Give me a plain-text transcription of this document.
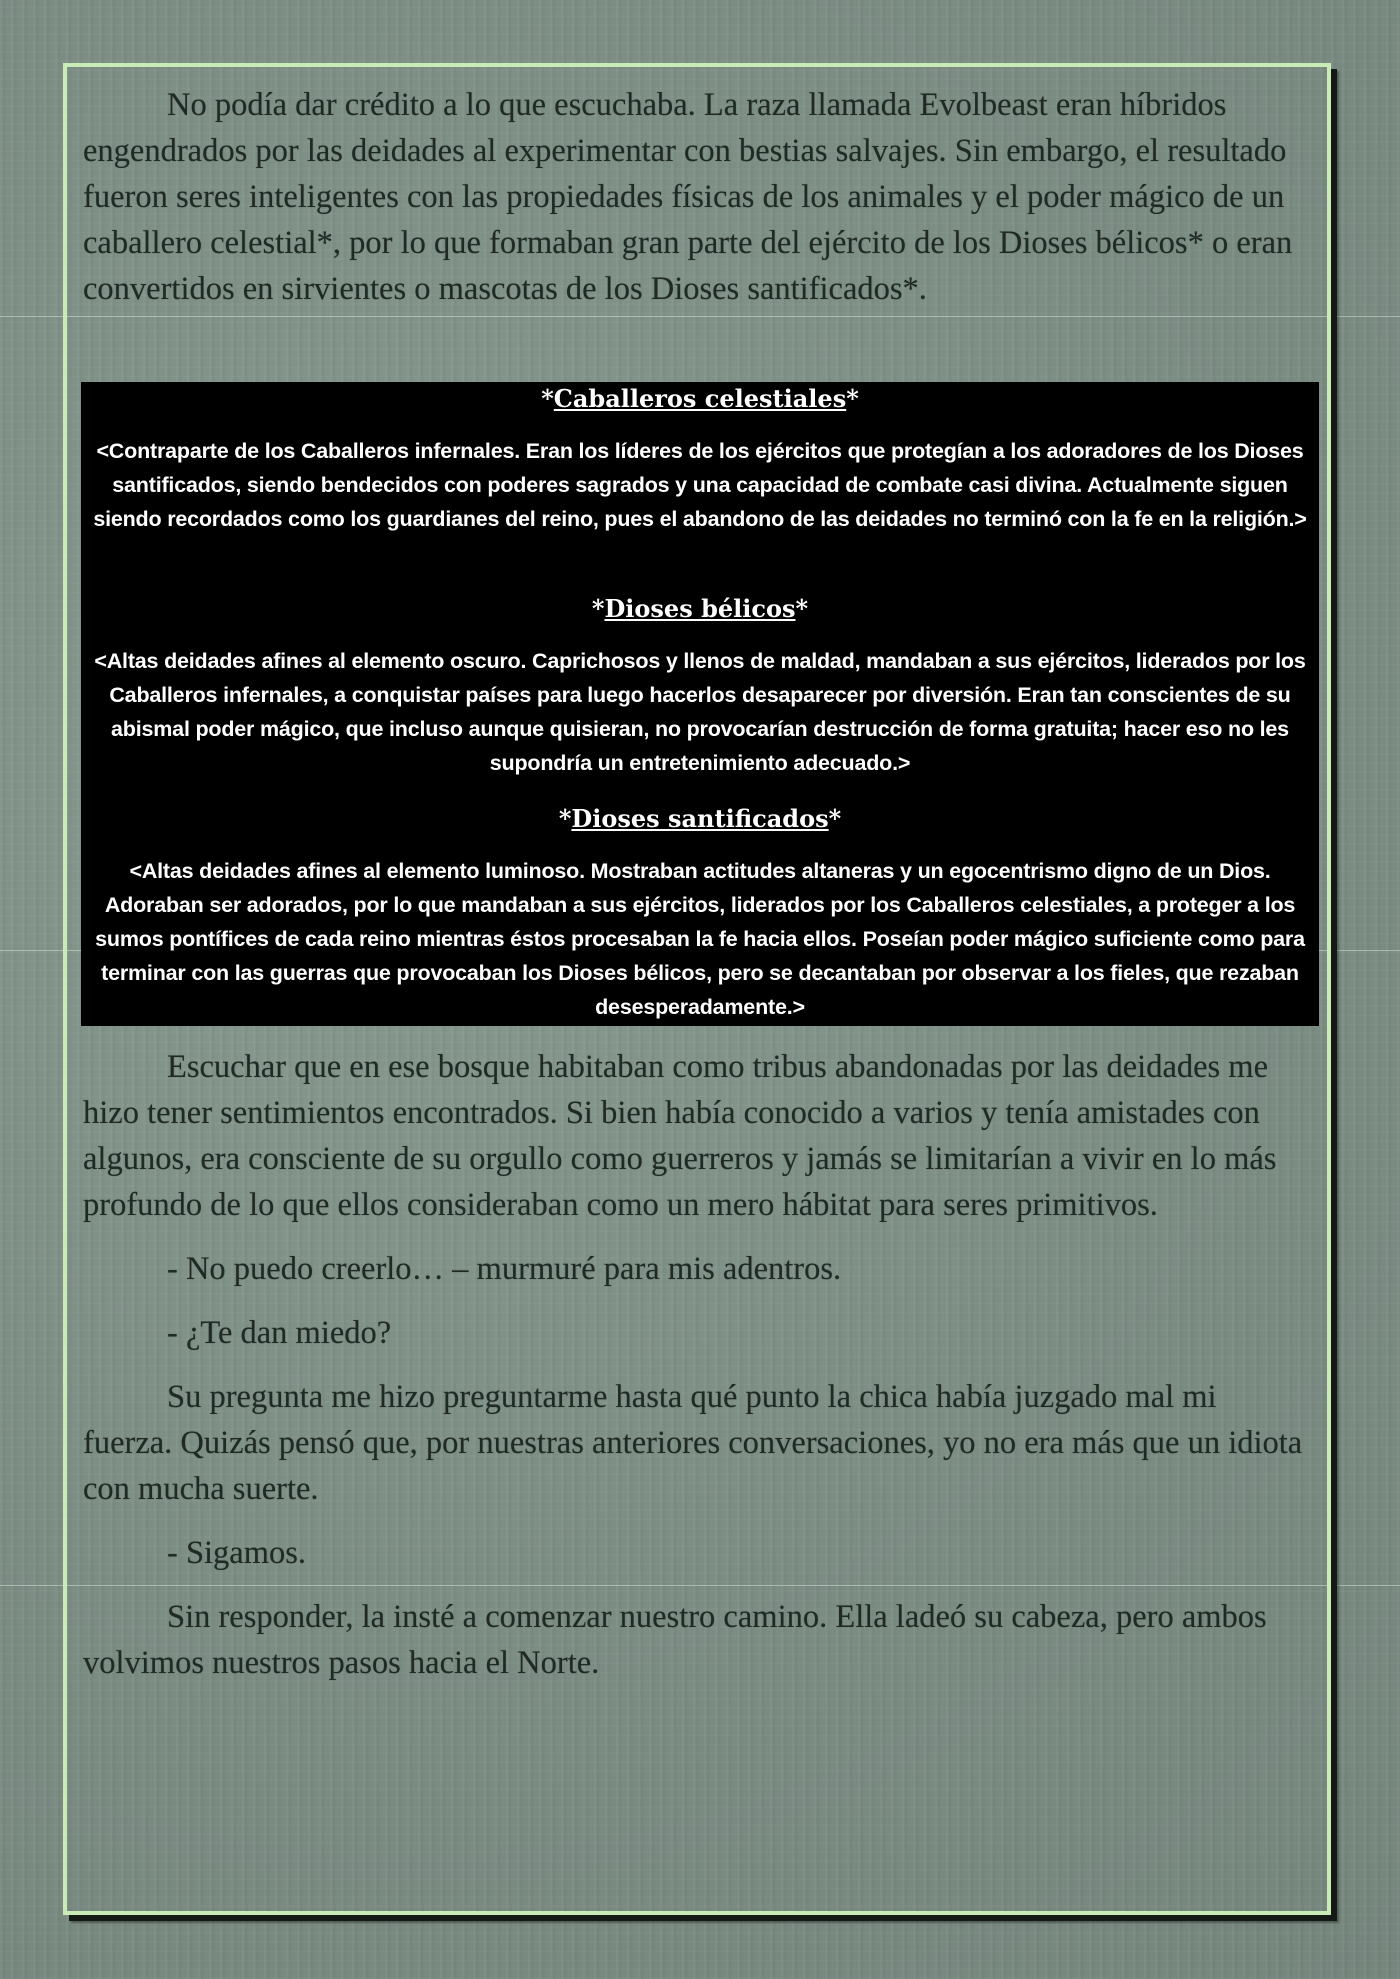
No podía dar crédito a lo que escuchaba. La raza llamada Evolbeast eran híbridos engendrados por las deidades al experimentar con bestias salvajes. Sin embargo, el resultado fueron seres inteligentes con las propiedades físicas de los animales y el poder mágico de un caballero celestial*, por lo que formaban gran parte del ejército de los Dioses bélicos* o eran convertidos en sirvientes o mascotas de los Dioses santificados*.

*Caballeros celestiales*

<Contraparte de los Caballeros infernales. Eran los líderes de los ejércitos que protegían a los adoradores de los Dioses santificados, siendo bendecidos con poderes sagrados y una capacidad de combate casi divina. Actualmente siguen siendo recordados como los guardianes del reino, pues el abandono de las deidades no terminó con la fe en la religión.>

*Dioses bélicos*

<Altas deidades afines al elemento oscuro. Caprichosos y llenos de maldad, mandaban a sus ejércitos, liderados por los Caballeros infernales, a conquistar países para luego hacerlos desaparecer por diversión. Eran tan conscientes de su abismal poder mágico, que incluso aunque quisieran, no provocarían destrucción de forma gratuita; hacer eso no les supondría un entretenimiento adecuado.>

*Dioses santificados*

<Altas deidades afines al elemento luminoso. Mostraban actitudes altaneras y un egocentrismo digno de un Dios. Adoraban ser adorados, por lo que mandaban a sus ejércitos, liderados por los Caballeros celestiales, a proteger a los sumos pontífices de cada reino mientras éstos procesaban la fe hacia ellos. Poseían poder mágico suficiente como para terminar con las guerras que provocaban los Dioses bélicos, pero se decantaban por observar a los fieles, que rezaban desesperadamente.>

Escuchar que en ese bosque habitaban como tribus abandonadas por las deidades me hizo tener sentimientos encontrados. Si bien había conocido a varios y tenía amistades con algunos, era consciente de su orgullo como guerreros y jamás se limitarían a vivir en lo más profundo de lo que ellos consideraban como un mero hábitat para seres primitivos.

- No puedo creerlo… – murmuré para mis adentros.

- ¿Te dan miedo?

Su pregunta me hizo preguntarme hasta qué punto la chica había juzgado mal mi fuerza. Quizás pensó que, por nuestras anteriores conversaciones, yo no era más que un idiota con mucha suerte.

- Sigamos.

Sin responder, la insté a comenzar nuestro camino. Ella ladeó su cabeza, pero ambos volvimos nuestros pasos hacia el Norte.
